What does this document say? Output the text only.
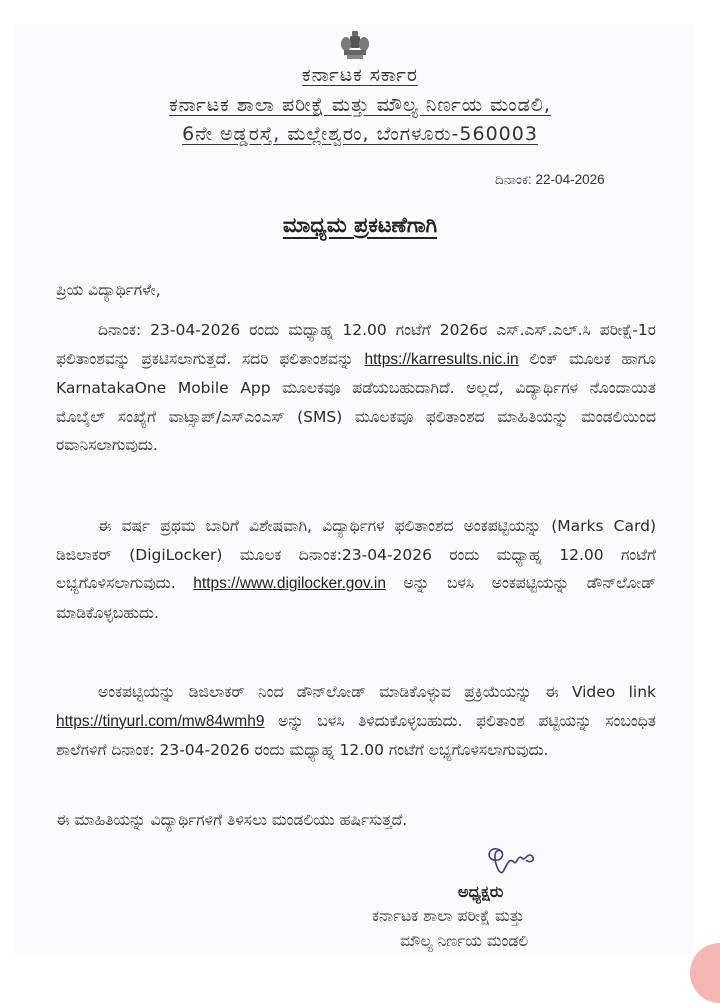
ಕರ್ನಾಟಕ ಸರ್ಕಾರ
ಕರ್ನಾಟಕ ಶಾಲಾ ಪರೀಕ್ಷೆ ಮತ್ತು ಮೌಲ್ಯ ನಿರ್ಣಯ ಮಂಡಲಿ,
6ನೇ ಅಡ್ಡರಸ್ತೆ, ಮಲ್ಲೇಶ್ವರಂ, ಬೆಂಗಳೂರು-560003
ದಿನಾಂಕ: 22-04-2026
ಮಾಧ್ಯಮ ಪ್ರಕಟಣೆಗಾಗಿ
ಪ್ರಿಯ ವಿದ್ಯಾರ್ಥಿಗಳೇ,
ದಿನಾಂಕ: 23-04-2026 ರಂದು ಮಧ್ಯಾಹ್ನ 12.00 ಗಂಟೆಗೆ 2026ರ ಎಸ್.ಎಸ್.ಎಲ್.ಸಿ ಪರೀಕ್ಷೆ-1ರ ಫಲಿತಾಂಶವನ್ನು ಪ್ರಕಟಿಸಲಾಗುತ್ತದೆ. ಸದರಿ ಫಲಿತಾಂಶವನ್ನು https://karresults.nic.in ಲಿಂಕ್ ಮೂಲಕ ಹಾಗೂ KarnatakaOne Mobile App ಮೂಲಕವೂ ಪಡೆಯಬಹುದಾಗಿದೆ. ಅಲ್ಲದೆ, ವಿದ್ಯಾರ್ಥಿಗಳ ನೊಂದಾಯಿತ ಮೊಬೈಲ್ ಸಂಖ್ಯೆಗೆ ವಾಟ್ಸಾಪ್/ಎಸ್‌ಎಂಎಸ್ (SMS) ಮೂಲಕವೂ ಫಲಿತಾಂಶದ ಮಾಹಿತಿಯನ್ನು ಮಂಡಲಿಯಿಂದ ರವಾನಿಸಲಾಗುವುದು.
ಈ ವರ್ಷ ಪ್ರಥಮ ಬಾರಿಗೆ ವಿಶೇಷವಾಗಿ, ವಿದ್ಯಾರ್ಥಿಗಳ ಫಲಿತಾಂಶದ ಅಂಕಪಟ್ಟಿಯನ್ನು (Marks Card) ಡಿಜಿಲಾಕರ್ (DigiLocker) ಮೂಲಕ ದಿನಾಂಕ:23-04-2026 ರಂದು ಮಧ್ಯಾಹ್ನ 12.00 ಗಂಟೆಗೆ ಲಭ್ಯಗೊಳಿಸಲಾಗುವುದು. https://www.digilocker.gov.in ಅನ್ನು ಬಳಸಿ ಅಂಕಪಟ್ಟಿಯನ್ನು ಡೌನ್‌ಲೋಡ್ ಮಾಡಿಕೊಳ್ಳಬಹುದು.
ಅಂಕಪಟ್ಟಿಯನ್ನು ಡಿಜಿಲಾಕರ್ ನಿಂದ ಡೌನ್‌ಲೋಡ್ ಮಾಡಿಕೊಳ್ಳುವ ಪ್ರಕ್ರಿಯೆಯನ್ನು ಈ Video link https://tinyurl.com/mw84wmh9 ಅನ್ನು ಬಳಸಿ ತಿಳಿದುಕೊಳ್ಳಬಹುದು. ಫಲಿತಾಂಶ ಪಟ್ಟಿಯನ್ನು ಸಂಬಂಧಿತ ಶಾಲೆಗಳಿಗೆ ದಿನಾಂಕ: 23-04-2026 ರಂದು ಮಧ್ಯಾಹ್ನ 12.00 ಗಂಟೆಗೆ ಲಭ್ಯಗೊಳಿಸಲಾಗುವುದು.
ಈ ಮಾಹಿತಿಯನ್ನು ವಿದ್ಯಾರ್ಥಿಗಳಿಗೆ ತಿಳಿಸಲು ಮಂಡಲಿಯು ಹರ್ಷಿಸುತ್ತದೆ.
ಅಧ್ಯಕ್ಷರು
ಕರ್ನಾಟಕ ಶಾಲಾ ಪರೀಕ್ಷೆ ಮತ್ತು
ಮೌಲ್ಯ ನಿರ್ಣಯ ಮಂಡಲಿ
